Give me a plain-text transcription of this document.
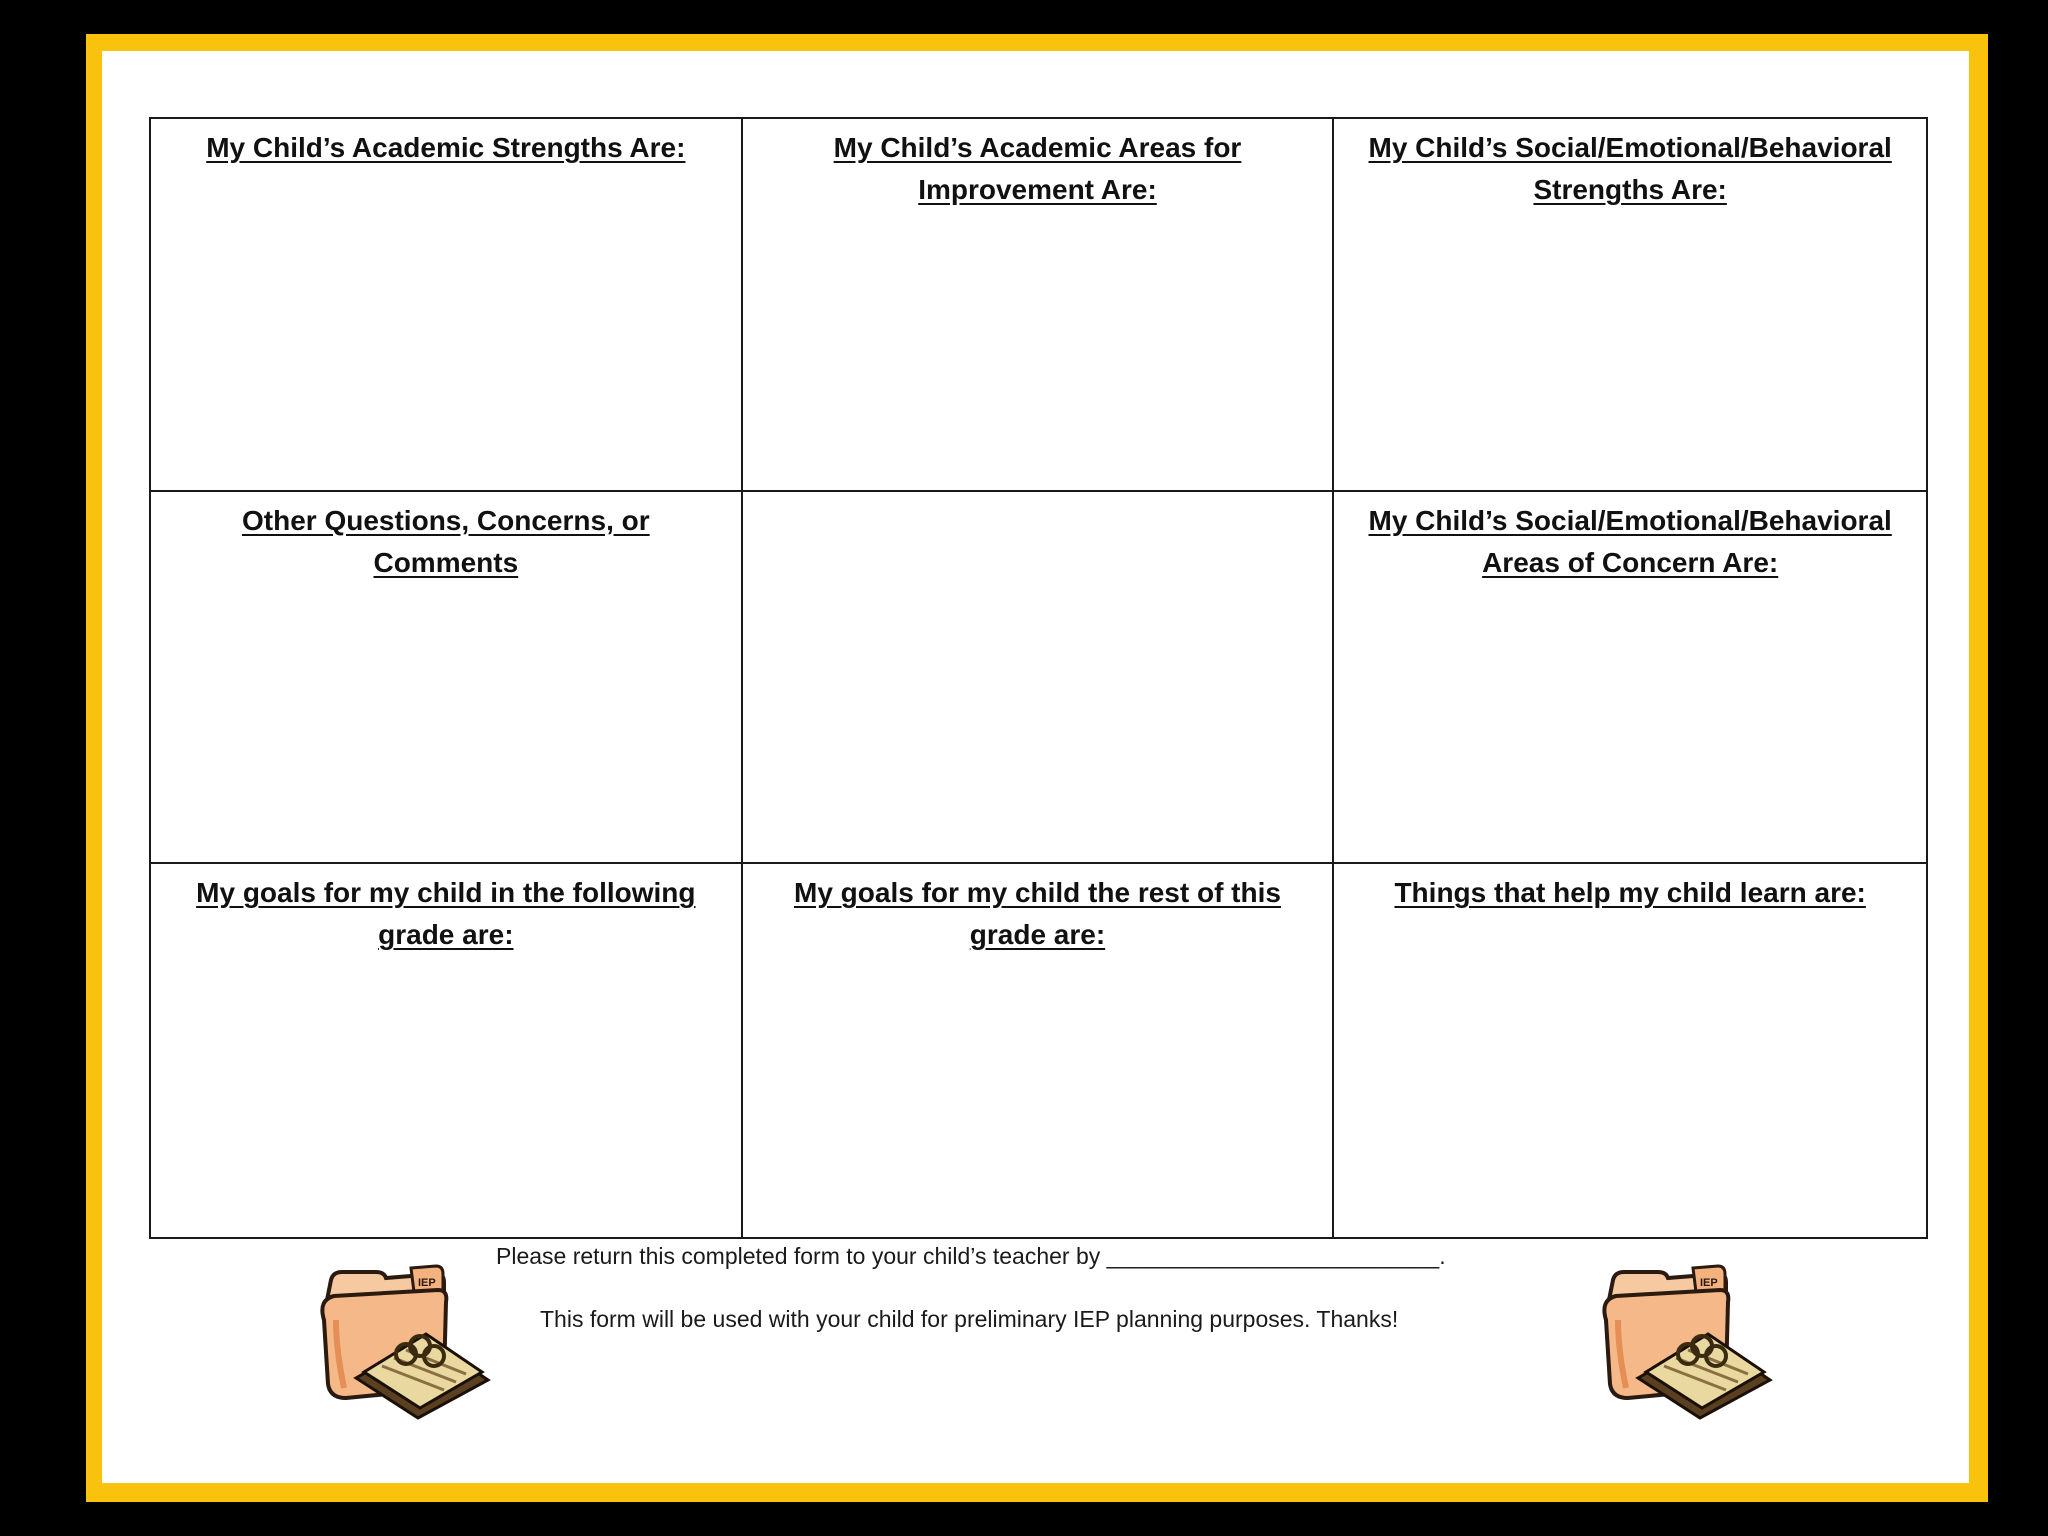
My Child’s Academic Strengths Are:	My Child’s Academic Areas for Improvement Are:
My Child’s Social/Emotional/Behavioral Strengths Are:
Other Questions, Concerns, or Comments
My Child’s Social/Emotional/Behavioral Areas of Concern Are:
My goals for my child in the following grade are:
My goals for my child the rest of this grade are:
Things that help my child learn are:
Please return this completed form to your child’s teacher by __________________________.
This form will be used with your child for preliminary IEP planning purposes. Thanks!
IEP	IEP
